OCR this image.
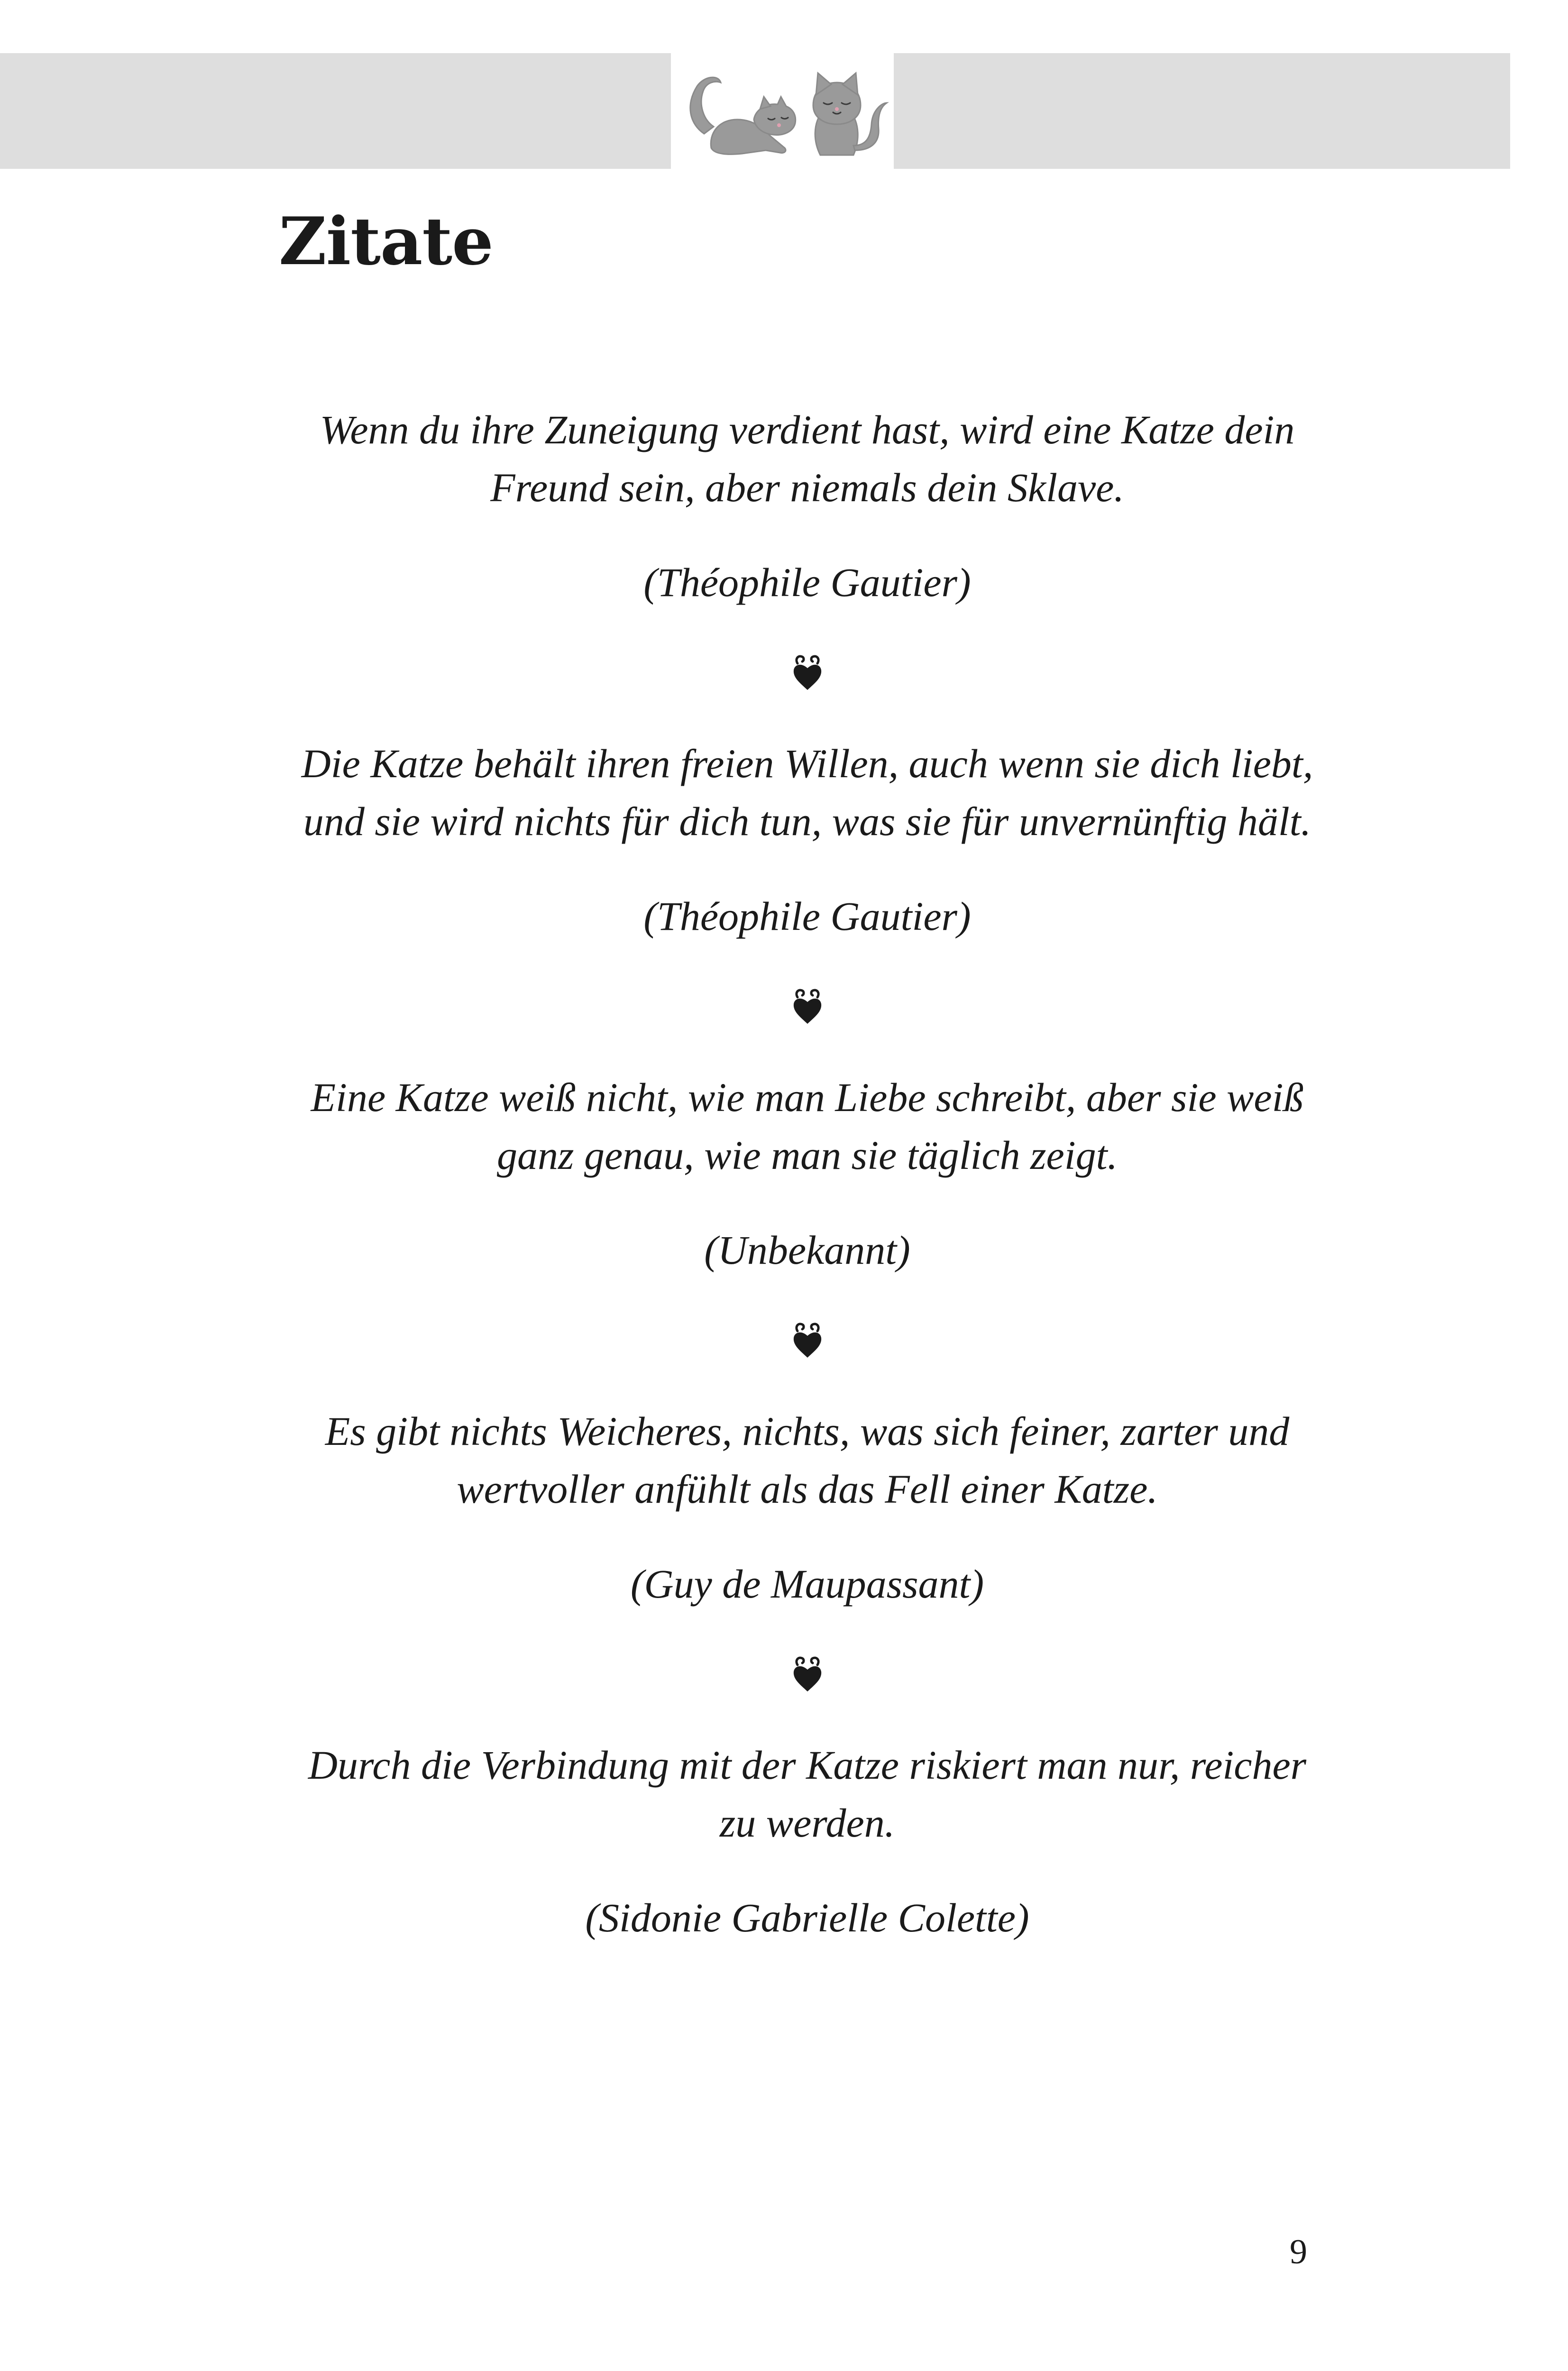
Zitate
Wenn du ihre Zuneigung verdient hast, wird eine Katze dein
Freund sein, aber niemals dein Sklave.
(Théophile Gautier)
Die Katze behält ihren freien Willen, auch wenn sie dich liebt,
und sie wird nichts für dich tun, was sie für unvernünftig hält.
(Théophile Gautier)
Eine Katze weiß nicht, wie man Liebe schreibt, aber sie weiß
ganz genau, wie man sie täglich zeigt.
(Unbekannt)
Es gibt nichts Weicheres, nichts, was sich feiner, zarter und
wertvoller anfühlt als das Fell einer Katze.
(Guy de Maupassant)
Durch die Verbindung mit der Katze riskiert man nur, reicher
zu werden.
(Sidonie Gabrielle Colette)
9
